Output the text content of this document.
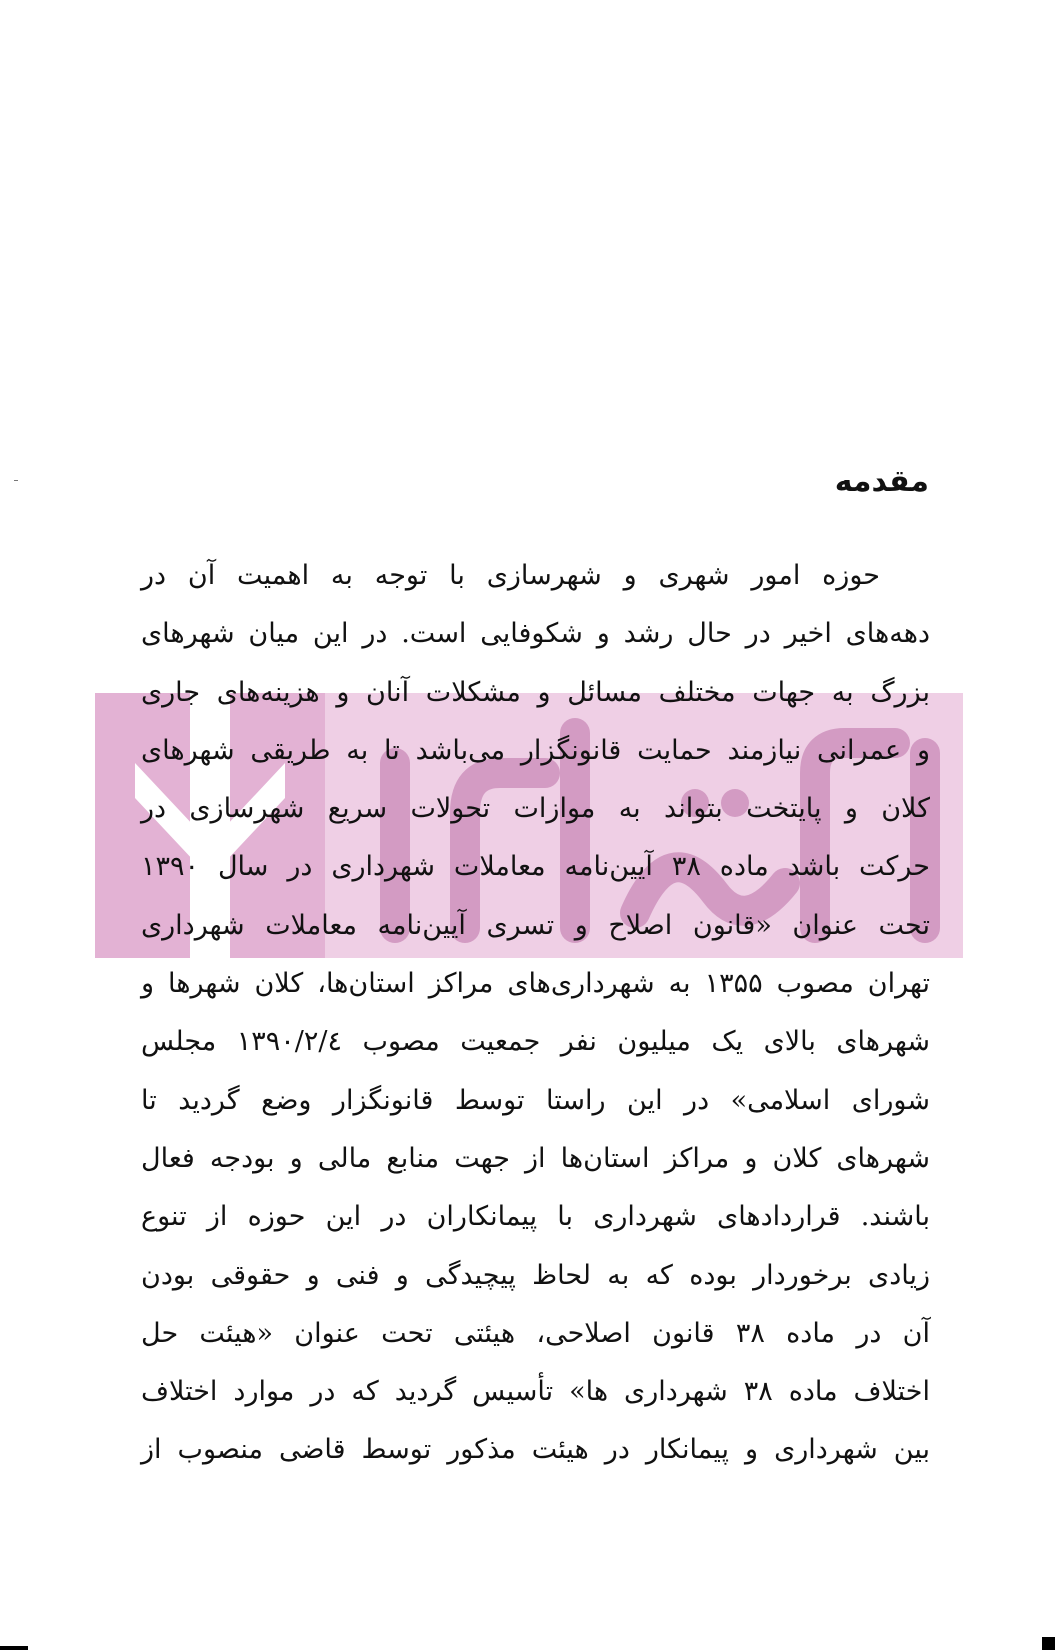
مقدمه
حوزه امور شهری و شهرسازی با توجه به اهمیت آن در
دهه‌های اخیر در حال رشد و شکوفایی است. در این میان شهرهای
بزرگ به جهات مختلف مسائل و مشکلات آنان و هزینه‌های جاری
و عمرانی نیازمند حمایت قانونگزار می‌باشد تا به طریقی شهرهای
کلان و پایتخت بتواند به موازات تحولات سریع شهرسازی در
حرکت باشد ماده ۳۸ آیین‌نامه معاملات شهرداری در سال ۱۳۹۰
تحت عنوان «قانون اصلاح و تسری آیین‌نامه معاملات شهرداری
تهران مصوب ۱۳۵۵ به شهرداری‌های مراکز استان‌ها، کلان شهرها و
شهرهای بالای یک میلیون نفر جمعیت مصوب ۱۳۹۰/۲/٤ مجلس
شورای اسلامی» در این راستا توسط قانونگزار وضع گردید تا
شهرهای کلان و مراکز استان‌ها از جهت منابع مالی و بودجه فعال
باشند. قراردادهای شهرداری با پیمانکاران در این حوزه از تنوع
زیادی برخوردار بوده که به لحاظ پیچیدگی و فنی و حقوقی بودن
آن در ماده ۳۸ قانون اصلاحی، هیئتی تحت عنوان «هیئت حل
اختلاف ماده ۳۸ شهرداری ها» تأسیس گردید که در موارد اختلاف
بین شهرداری و پیمانکار در هیئت مذکور توسط قاضی منصوب از
